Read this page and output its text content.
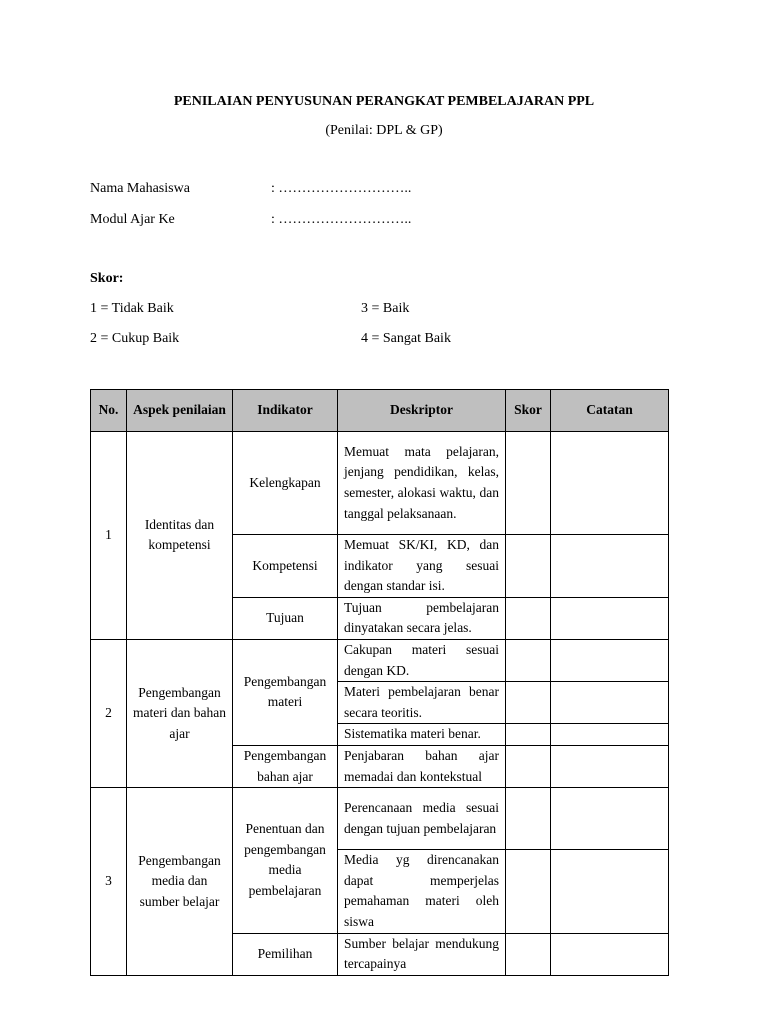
PENILAIAN PENYUSUNAN PERANGKAT PEMBELAJARAN PPL
(Penilai: DPL & GP)
Nama Mahasiswa	: ………………………..
Modul Ajar Ke	: ………………………..
Skor:
1 = Tidak Baik
2 = Cukup Baik
3 = Baik
4 = Sangat Baik
No.	Aspek penilaian	Indikator	Deskriptor	Skor	Catatan
1	Identitas dan kompetensi	Kelengkapan	Memuat mata pelajaran, jenjang pendidikan, kelas, semester, alokasi waktu, dan tanggal pelaksanaan.		
		Kompetensi	Memuat SK/KI, KD, dan indikator yang sesuai dengan standar isi.		
		Tujuan	Tujuan pembelajaran dinyatakan secara jelas.		
2	Pengembangan materi dan bahan ajar	Pengembangan materi	Cakupan materi sesuai dengan KD.		
			Materi pembelajaran benar secara teoritis.		
			Sistematika materi benar.		
		Pengembangan bahan ajar	Penjabaran bahan ajar memadai dan kontekstual		
3	Pengembangan media dan sumber belajar	Penentuan dan pengembangan media pembelajaran	Perencanaan media sesuai dengan tujuan pembelajaran		
			Media yg direncanakan dapat memperjelas pemahaman materi oleh siswa		
		Pemilihan	Sumber belajar mendukung tercapainya		
